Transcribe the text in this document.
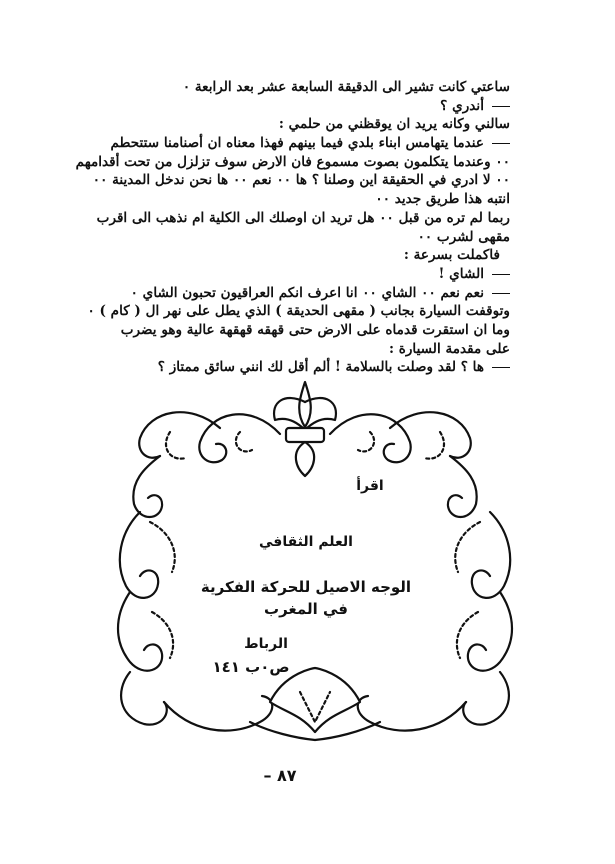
ساعتي كانت تشير الى الدقيقة السابعة عشر بعد الرابعة ٠
أندري ؟
سالني وكانه يريد ان يوقظني من حلمي :
عندما يتهامس ابناء بلدي فيما بينهم فهذا معناه ان أصنامنا ستتحطم
٠٠ وعندما يتكلمون بصوت مسموع فان الارض سوف تزلزل من تحت أقدامهم
٠٠ لا ادري في الحقيقة اين وصلنا ؟ ها ٠٠ نعم ٠٠ ها نحن ندخل المدينة ٠٠
انتبه هذا طريق جديد ٠٠
ربما لم تره من قبل ٠٠ هل تريد ان اوصلك الى الكلية ام نذهب الى اقرب
مقهى لشرب ٠٠
فاكملت بسرعة :
الشاي !
نعم نعم ٠٠ الشاي ٠٠ انا اعرف انكم العراقيون تحبون الشاي ٠
وتوقفت السيارة بجانب ( مقهى الحديقة ) الذي يطل على نهر ال ( كام ) ٠
وما ان استقرت قدماه على الارض حتى قهقه قهقهة عالية وهو يضرب
على مقدمة السيارة :
ها ؟ لقد وصلت بالسلامة ! ألم أقل لك انني سائق ممتاز ؟
اقرأ
العلم الثقافي
الوجه الاصيل للحركة الفكرية
في المغرب
الرباط
ص٠ب ١٤١
٨٧ –
